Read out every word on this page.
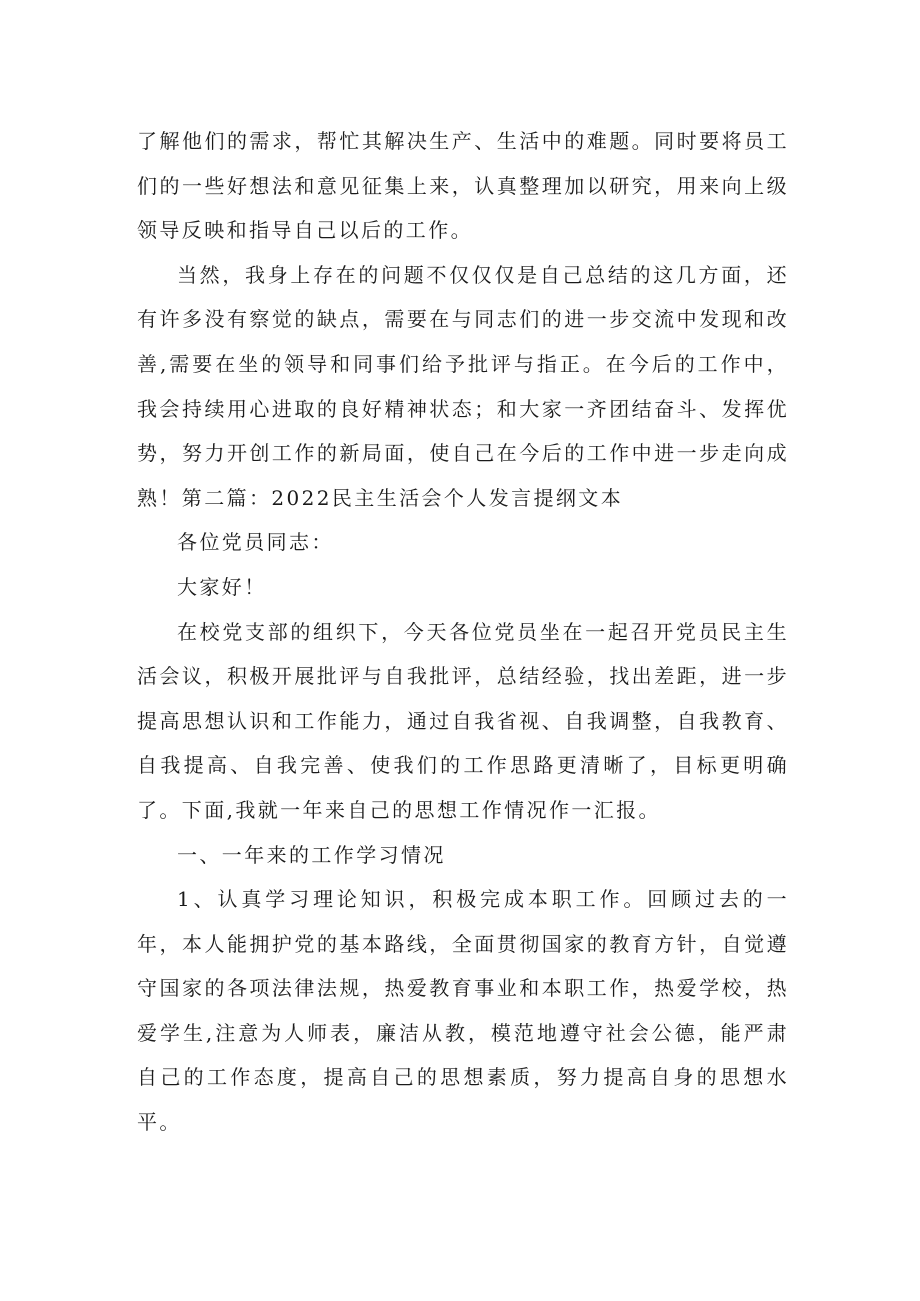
了解他们的需求，帮忙其解决生产、生活中的难题。同时要将员工们的一些好想法和意见征集上来，认真整理加以研究，用来向上级领导反映和指导自己以后的工作。

当然，我身上存在的问题不仅仅仅是自己总结的这几方面，还有许多没有察觉的缺点，需要在与同志们的进一步交流中发现和改善,需要在坐的领导和同事们给予批评与指正。在今后的工作中，我会持续用心进取的良好精神状态；和大家一齐团结奋斗、发挥优势，努力开创工作的新局面，使自己在今后的工作中进一步走向成熟！第二篇：2022民主生活会个人发言提纲文本

各位党员同志：

大家好！

在校党支部的组织下，今天各位党员坐在一起召开党员民主生活会议，积极开展批评与自我批评，总结经验，找出差距，进一步提高思想认识和工作能力，通过自我省视、自我调整，自我教育、自我提高、自我完善、使我们的工作思路更清晰了，目标更明确了。下面,我就一年来自己的思想工作情况作一汇报。

一、一年来的工作学习情况

1、认真学习理论知识，积极完成本职工作。回顾过去的一年，本人能拥护党的基本路线，全面贯彻国家的教育方针，自觉遵守国家的各项法律法规，热爱教育事业和本职工作，热爱学校，热爱学生,注意为人师表，廉洁从教，模范地遵守社会公德，能严肃自己的工作态度，提高自己的思想素质，努力提高自身的思想水平。
